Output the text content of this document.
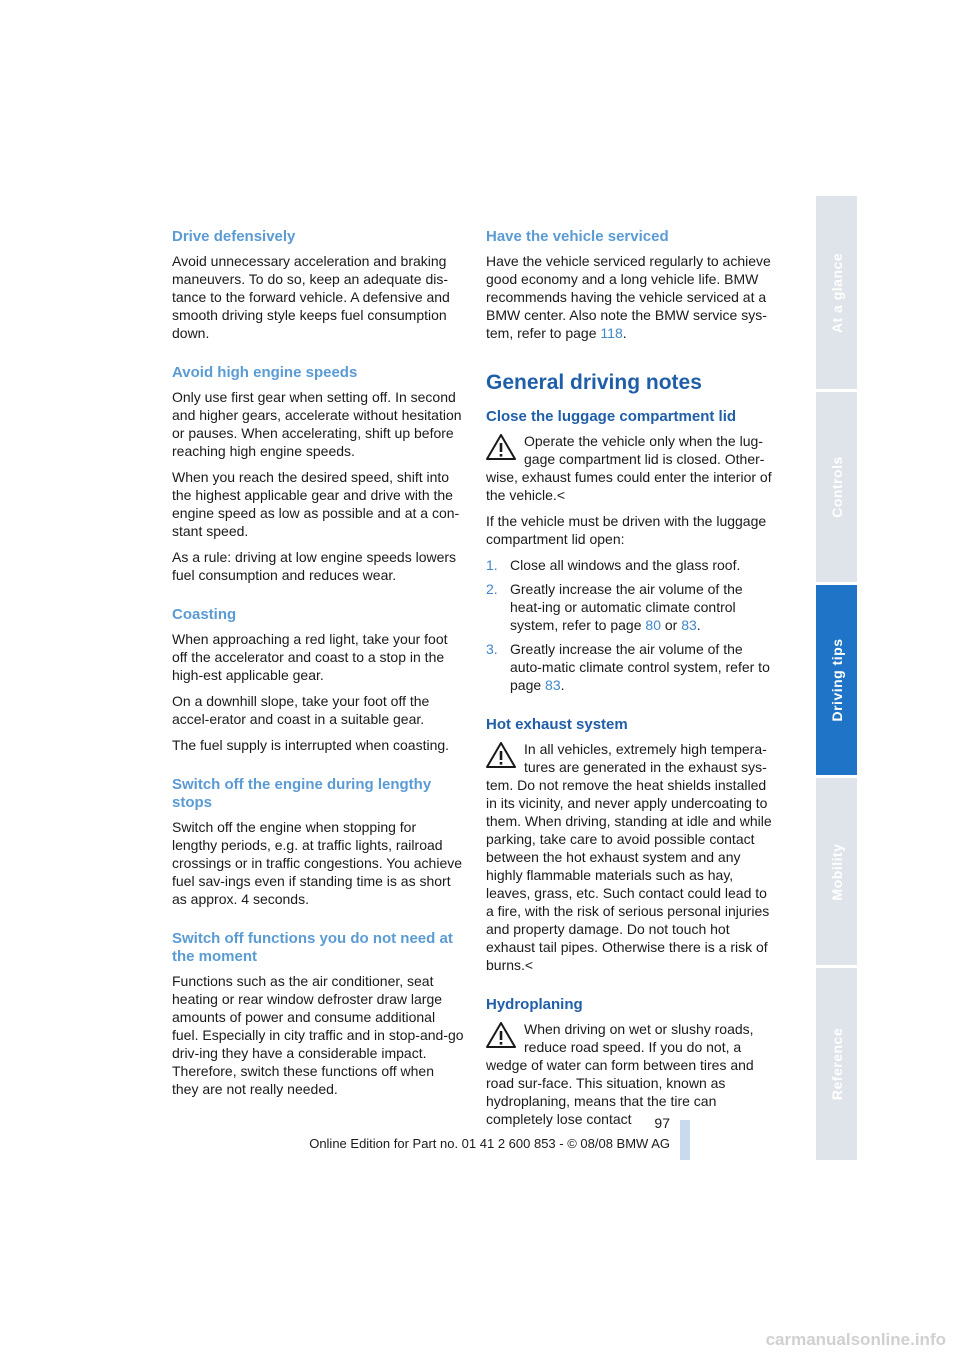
Drive defensively

Avoid unnecessary acceleration and braking maneuvers. To do so, keep an adequate dis-tance to the forward vehicle. A defensive and smooth driving style keeps fuel consumption down.

Avoid high engine speeds

Only use first gear when setting off. In second and higher gears, accelerate without hesitation or pauses. When accelerating, shift up before reaching high engine speeds.

When you reach the desired speed, shift into the highest applicable gear and drive with the engine speed as low as possible and at a con-stant speed.

As a rule: driving at low engine speeds lowers fuel consumption and reduces wear.

Coasting

When approaching a red light, take your foot off the accelerator and coast to a stop in the high-est applicable gear.

On a downhill slope, take your foot off the accel-erator and coast in a suitable gear.

The fuel supply is interrupted when coasting.

Switch off the engine during lengthy stops

Switch off the engine when stopping for lengthy periods, e.g. at traffic lights, railroad crossings or in traffic congestions. You achieve fuel sav-ings even if standing time is as short as approx. 4 seconds.

Switch off functions you do not need at the moment

Functions such as the air conditioner, seat heating or rear window defroster draw large amounts of power and consume additional fuel. Especially in city traffic and in stop-and-go driv-ing they have a considerable impact. Therefore, switch these functions off when they are not really needed.

Have the vehicle serviced

Have the vehicle serviced regularly to achieve good economy and a long vehicle life. BMW recommends having the vehicle serviced at a BMW center. Also note the BMW service sys-tem, refer to page 118.

General driving notes
Close the luggage compartment lid

Operate the vehicle only when the lug-gage compartment lid is closed. Other-wise, exhaust fumes could enter the interior of the vehicle.<

If the vehicle must be driven with the luggage compartment lid open:

1. Close all windows and the glass roof.
2. Greatly increase the air volume of the heat-ing or automatic climate control system, refer to page 80 or 83.
3. Greatly increase the air volume of the auto-matic climate control system, refer to page 83.
Hot exhaust system

In all vehicles, extremely high tempera-tures are generated in the exhaust sys-tem. Do not remove the heat shields installed in its vicinity, and never apply undercoating to them. When driving, standing at idle and while parking, take care to avoid possible contact between the hot exhaust system and any highly flammable materials such as hay, leaves, grass, etc. Such contact could lead to a fire, with the risk of serious personal injuries and property damage. Do not touch hot exhaust tail pipes. Otherwise there is a risk of burns.<

Hydroplaning

When driving on wet or slushy roads, reduce road speed. If you do not, a wedge of water can form between tires and road sur-face. This situation, known as hydroplaning, means that the tire can completely lose contact

At a glance
Controls
Driving tips
Mobility
Reference
97
Online Edition for Part no. 01 41 2 600 853 - © 08/08 BMW AG
carmanualsonline.info
